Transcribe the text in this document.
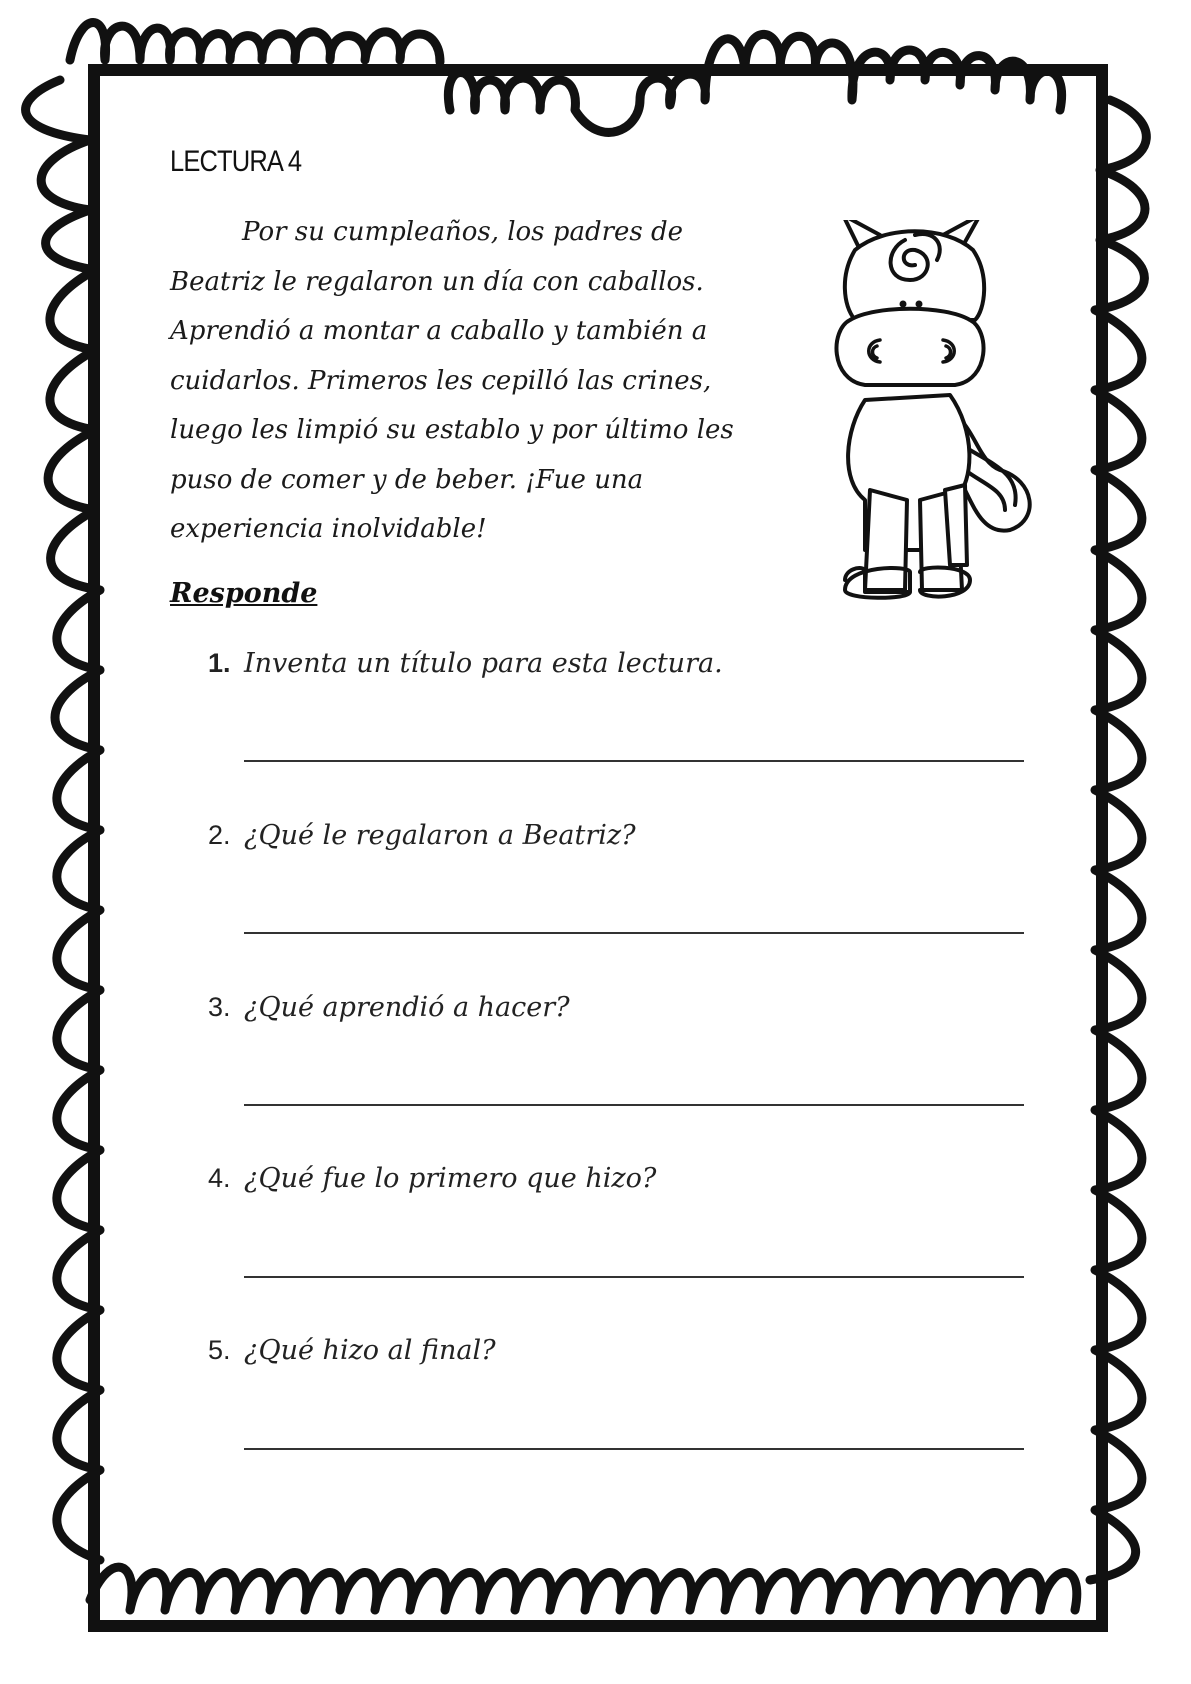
LECTURA 4
Por su cumpleaños, los padres de
Beatriz le regalaron un día con caballos.
Aprendió a montar a caballo y también a
cuidarlos. Primeros les cepilló las crines,
luego les limpió su establo y por último les
puso de comer y de beber. ¡Fue una
experiencia inolvidable!
Responde
1. Inventa un título para esta lectura.
2. ¿Qué le regalaron a Beatriz?
3. ¿Qué aprendió a hacer?
4. ¿Qué fue lo primero que hizo?
5. ¿Qué hizo al final?
